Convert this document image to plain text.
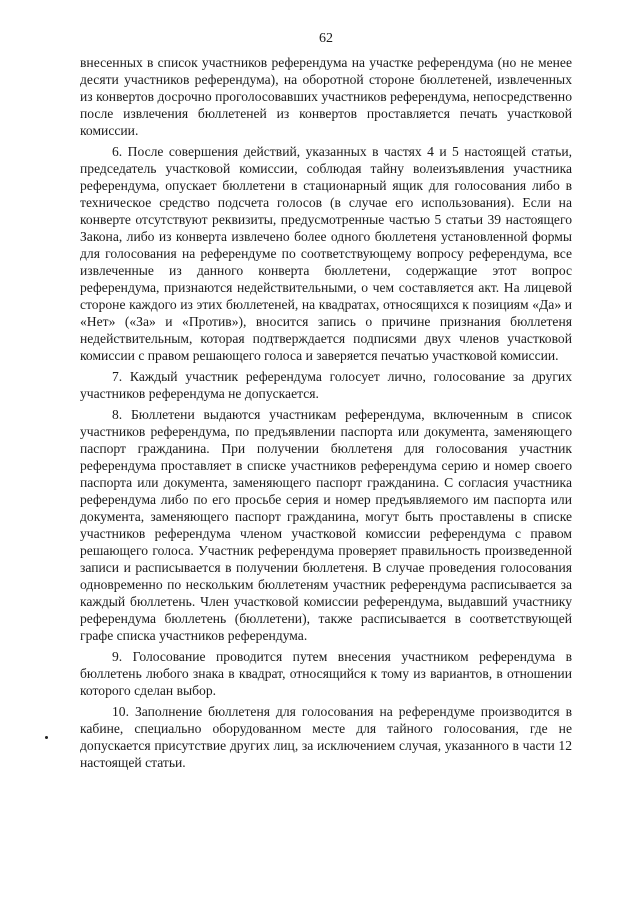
62

внесенных в список участников референдума на участке референдума (но не менее десяти участников референдума), на оборотной стороне бюллетеней, извлеченных из конвертов досрочно проголосовавших участников референдума, непосредственно после извлечения бюллетеней из конвертов проставляется печать участковой комиссии.

6. После совершения действий, указанных в частях 4 и 5 настоящей статьи, председатель участковой комиссии, соблюдая тайну волеизъявления участника референдума, опускает бюллетени в стационарный ящик для голосования либо в техническое средство подсчета голосов (в случае его использования). Если на конверте отсутствуют реквизиты, предусмотренные частью 5 статьи 39 настоящего Закона, либо из конверта извлечено более одного бюллетеня установленной формы для голосования на референдуме по соответствующему вопросу референдума, все извлеченные из данного конверта бюллетени, содержащие этот вопрос референдума, признаются недействительными, о чем составляется акт. На лицевой стороне каждого из этих бюллетеней, на квадратах, относящихся к позициям «Да» и «Нет» («За» и «Против»), вносится запись о причине признания бюллетеня недействительным, которая подтверждается подписями двух членов участковой комиссии с правом решающего голоса и заверяется печатью участковой комиссии.

7. Каждый участник референдума голосует лично, голосование за других участников референдума не допускается.

8. Бюллетени выдаются участникам референдума, включенным в список участников референдума, по предъявлении паспорта или документа, заменяющего паспорт гражданина. При получении бюллетеня для голосования участник референдума проставляет в списке участников референдума серию и номер своего паспорта или документа, заменяющего паспорт гражданина. С согласия участника референдума либо по его просьбе серия и номер предъявляемого им паспорта или документа, заменяющего паспорт гражданина, могут быть проставлены в списке участников референдума членом участковой комиссии референдума с правом решающего голоса. Участник референдума проверяет правильность произведенной записи и расписывается в получении бюллетеня. В случае проведения голосования одновременно по нескольким бюллетеням участник референдума расписывается за каждый бюллетень. Член участковой комиссии референдума, выдавший участнику референдума бюллетень (бюллетени), также расписывается в соответствующей графе списка участников референдума.

9. Голосование проводится путем внесения участником референдума в бюллетень любого знака в квадрат, относящийся к тому из вариантов, в отношении которого сделан выбор.

10. Заполнение бюллетеня для голосования на референдуме производится в кабине, специально оборудованном месте для тайного голосования, где не допускается присутствие других лиц, за исключением случая, указанного в части 12 настоящей статьи.
